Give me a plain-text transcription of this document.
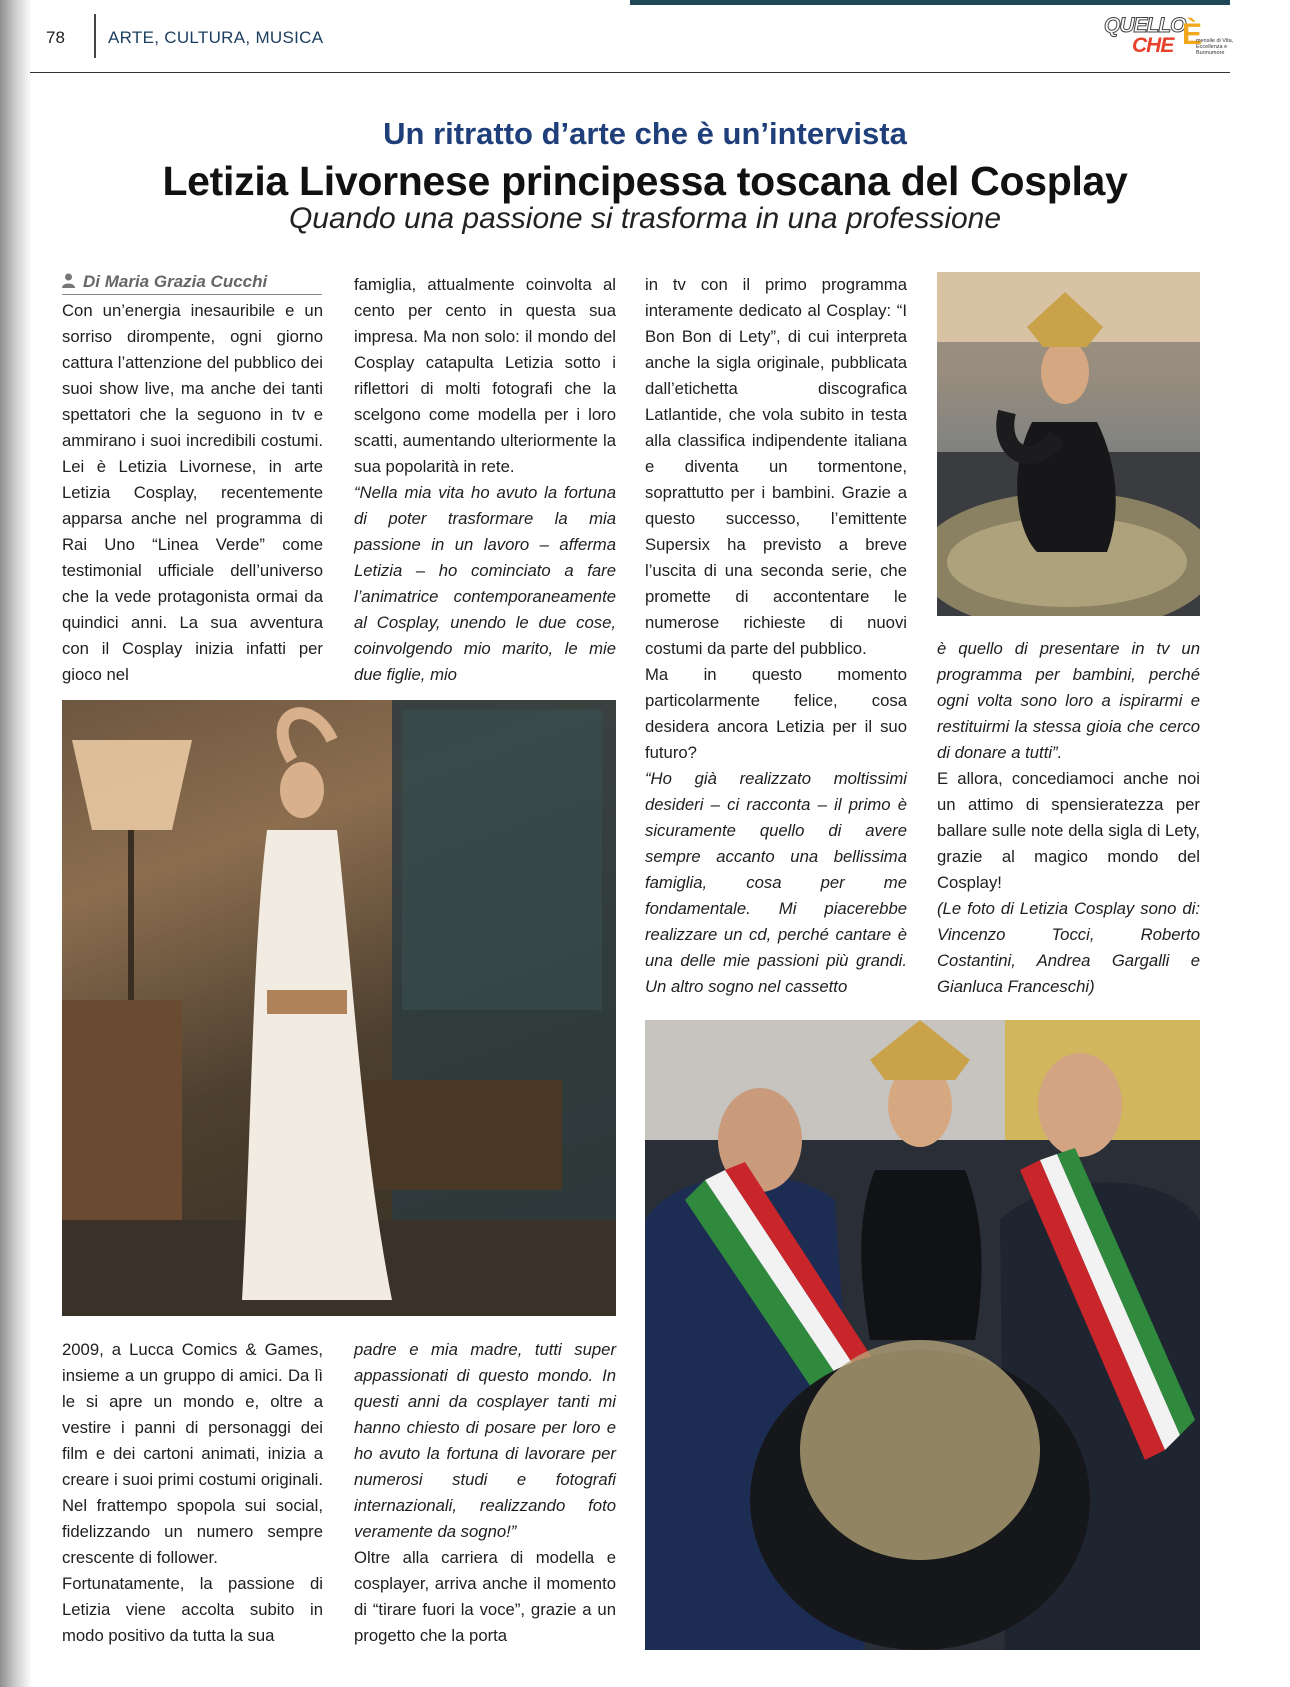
78	ARTE, CULTURA, MUSICA
QUELLO
CHE È
mensile di Vita, Eccellenza e Buonumore
Un ritratto d’arte che è un’intervista
Letizia Livornese principessa toscana del Cosplay
Quando una passione si trasforma in una professione
Di Maria Grazia Cucchi

Con un’energia inesauribile e un sorriso dirompente, ogni giorno cattura l’attenzione del pubblico dei suoi show live, ma anche dei tanti spettatori che la seguono in tv e ammirano i suoi incredibili costumi. Lei è Letizia Livornese, in arte Letizia Cosplay, recentemente apparsa anche nel programma di Rai Uno “Linea Verde” come testimonial ufficiale dell’universo che la vede protagonista ormai da quindici anni. La sua avventura con il Cosplay inizia infatti per gioco nel

famiglia, attualmente coinvolta al cento per cento in questa sua impresa. Ma non solo: il mondo del Cosplay catapulta Letizia sotto i riflettori di molti fotografi che la scelgono come modella per i loro scatti, aumentando ulteriormente la sua popolarità in rete.

“Nella mia vita ho avuto la fortuna di poter trasformare la mia passione in un lavoro – afferma Letizia – ho cominciato a fare l’animatrice contemporaneamente al Cosplay, unendo le due cose, coinvolgendo mio marito, le mie due figlie, mio

2009, a Lucca Comics & Games, insieme a un gruppo di amici. Da lì le si apre un mondo e, oltre a vestire i panni di personaggi dei film e dei cartoni animati, inizia a creare i suoi primi costumi originali. Nel frattempo spopola sui social, fidelizzando un numero sempre crescente di follower.

Fortunatamente, la passione di Letizia viene accolta subito in modo positivo da tutta la sua

padre e mia madre, tutti super appassionati di questo mondo. In questi anni da cosplayer tanti mi hanno chiesto di posare per loro e ho avuto la fortuna di lavorare per numerosi studi e fotografi internazionali, realizzando foto veramente da sogno!”

Oltre alla carriera di modella e cosplayer, arriva anche il momento di “tirare fuori la voce”, grazie a un progetto che la porta

in tv con il primo programma interamente dedicato al Cosplay: “I Bon Bon di Lety”, di cui interpreta anche la sigla originale, pubblicata dall’etichetta discografica Latlantide, che vola subito in testa alla classifica indipendente italiana e diventa un tormentone, soprattutto per i bambini. Grazie a questo successo, l’emittente Supersix ha previsto a breve l’uscita di una seconda serie, che promette di accontentare le numerose richieste di nuovi costumi da parte del pubblico.

Ma in questo momento particolarmente felice, cosa desidera ancora Letizia per il suo futuro?

“Ho già realizzato moltissimi desideri – ci racconta – il primo è sicuramente quello di avere sempre accanto una bellissima famiglia, cosa per me fondamentale. Mi piacerebbe realizzare un cd, perché cantare è una delle mie passioni più grandi. Un altro sogno nel cassetto

è quello di presentare in tv un programma per bambini, perché ogni volta sono loro a ispirarmi e restituirmi la stessa gioia che cerco di donare a tutti”.

E allora, concediamoci anche noi un attimo di spensieratezza per ballare sulle note della sigla di Lety, grazie al magico mondo del Cosplay!

(Le foto di Letizia Cosplay sono di: Vincenzo Tocci, Roberto Costantini, Andrea Gargalli e Gianluca Franceschi)
